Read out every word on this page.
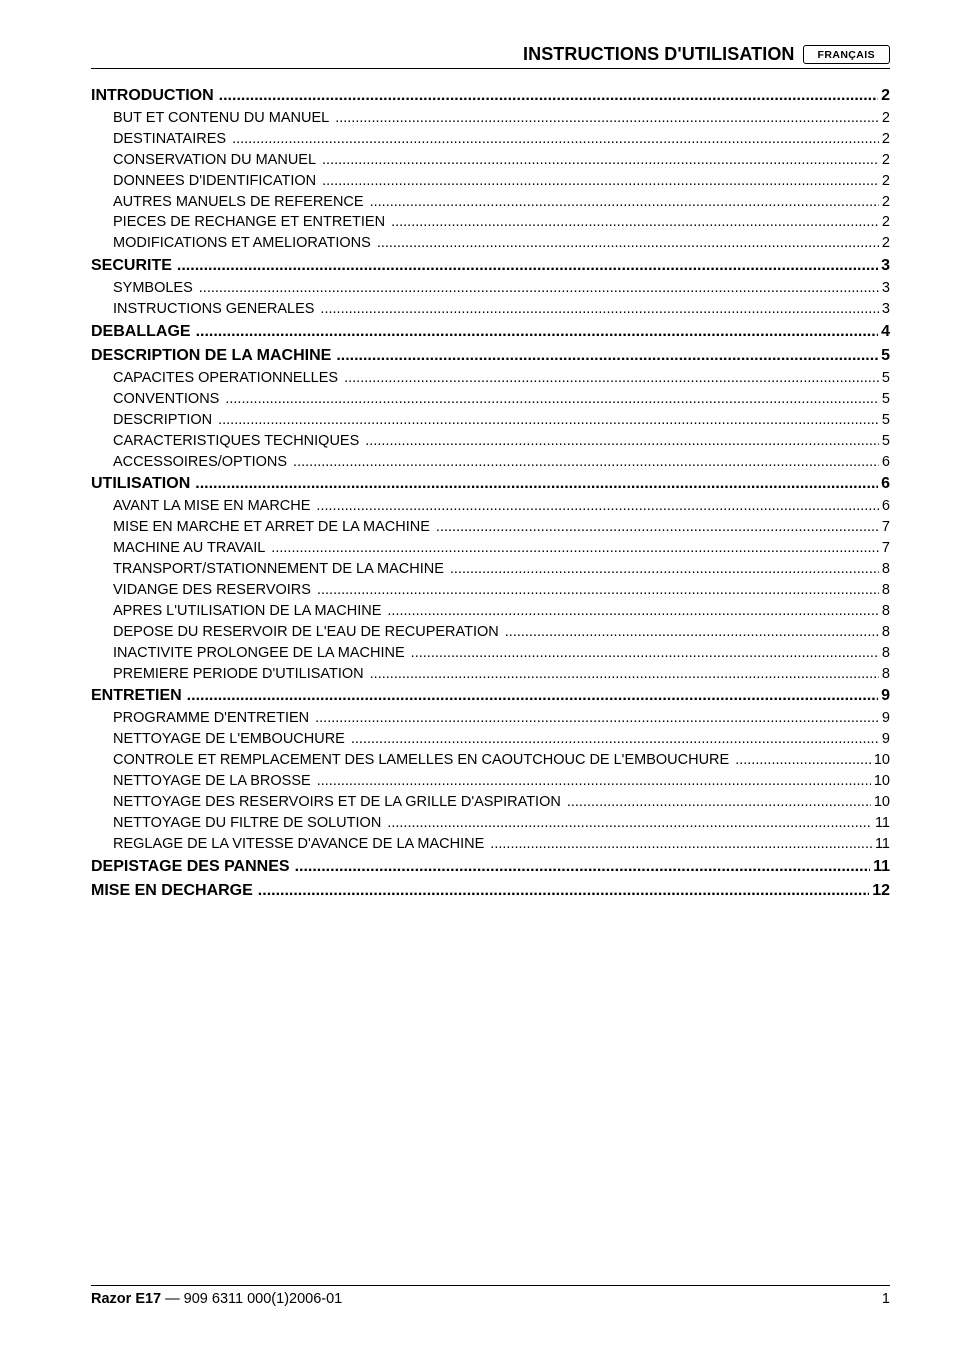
INSTRUCTIONS D'UTILISATION	FRANÇAIS
INTRODUCTION .....	2
BUT ET CONTENU DU MANUEL .....	2
DESTINATAIRES .....	2
CONSERVATION DU MANUEL .....	2
DONNEES D'IDENTIFICATION .....	2
AUTRES MANUELS DE REFERENCE .....	2
PIECES DE RECHANGE ET ENTRETIEN .....	2
MODIFICATIONS ET AMELIORATIONS .....	2
SECURITE .....	3
SYMBOLES .....	3
INSTRUCTIONS GENERALES .....	3
DEBALLAGE .....	4
DESCRIPTION DE LA MACHINE .....	5
CAPACITES OPERATIONNELLES .....	5
CONVENTIONS .....	5
DESCRIPTION .....	5
CARACTERISTIQUES TECHNIQUES .....	5
ACCESSOIRES/OPTIONS .....	6
UTILISATION .....	6
AVANT LA MISE EN MARCHE .....	6
MISE EN MARCHE ET ARRET DE LA MACHINE .....	7
MACHINE AU TRAVAIL .....	7
TRANSPORT/STATIONNEMENT DE LA MACHINE .....	8
VIDANGE DES RESERVOIRS .....	8
APRES L'UTILISATION DE LA MACHINE .....	8
DEPOSE DU RESERVOIR DE L'EAU DE RECUPERATION .....	8
INACTIVITE PROLONGEE DE LA MACHINE .....	8
PREMIERE PERIODE D'UTILISATION .....	8
ENTRETIEN .....	9
PROGRAMME D'ENTRETIEN .....	9
NETTOYAGE DE L'EMBOUCHURE .....	9
CONTROLE ET REMPLACEMENT DES LAMELLES EN CAOUTCHOUC DE L'EMBOUCHURE .....	10
NETTOYAGE DE LA BROSSE .....	10
NETTOYAGE DES RESERVOIRS ET DE LA GRILLE D'ASPIRATION .....	10
NETTOYAGE DU FILTRE DE SOLUTION .....	11
REGLAGE DE LA VITESSE D'AVANCE DE LA MACHINE .....	11
DEPISTAGE DES PANNES .....	11
MISE EN DECHARGE .....	12
Razor E17 — 909 6311 000(1)2006-01	1
